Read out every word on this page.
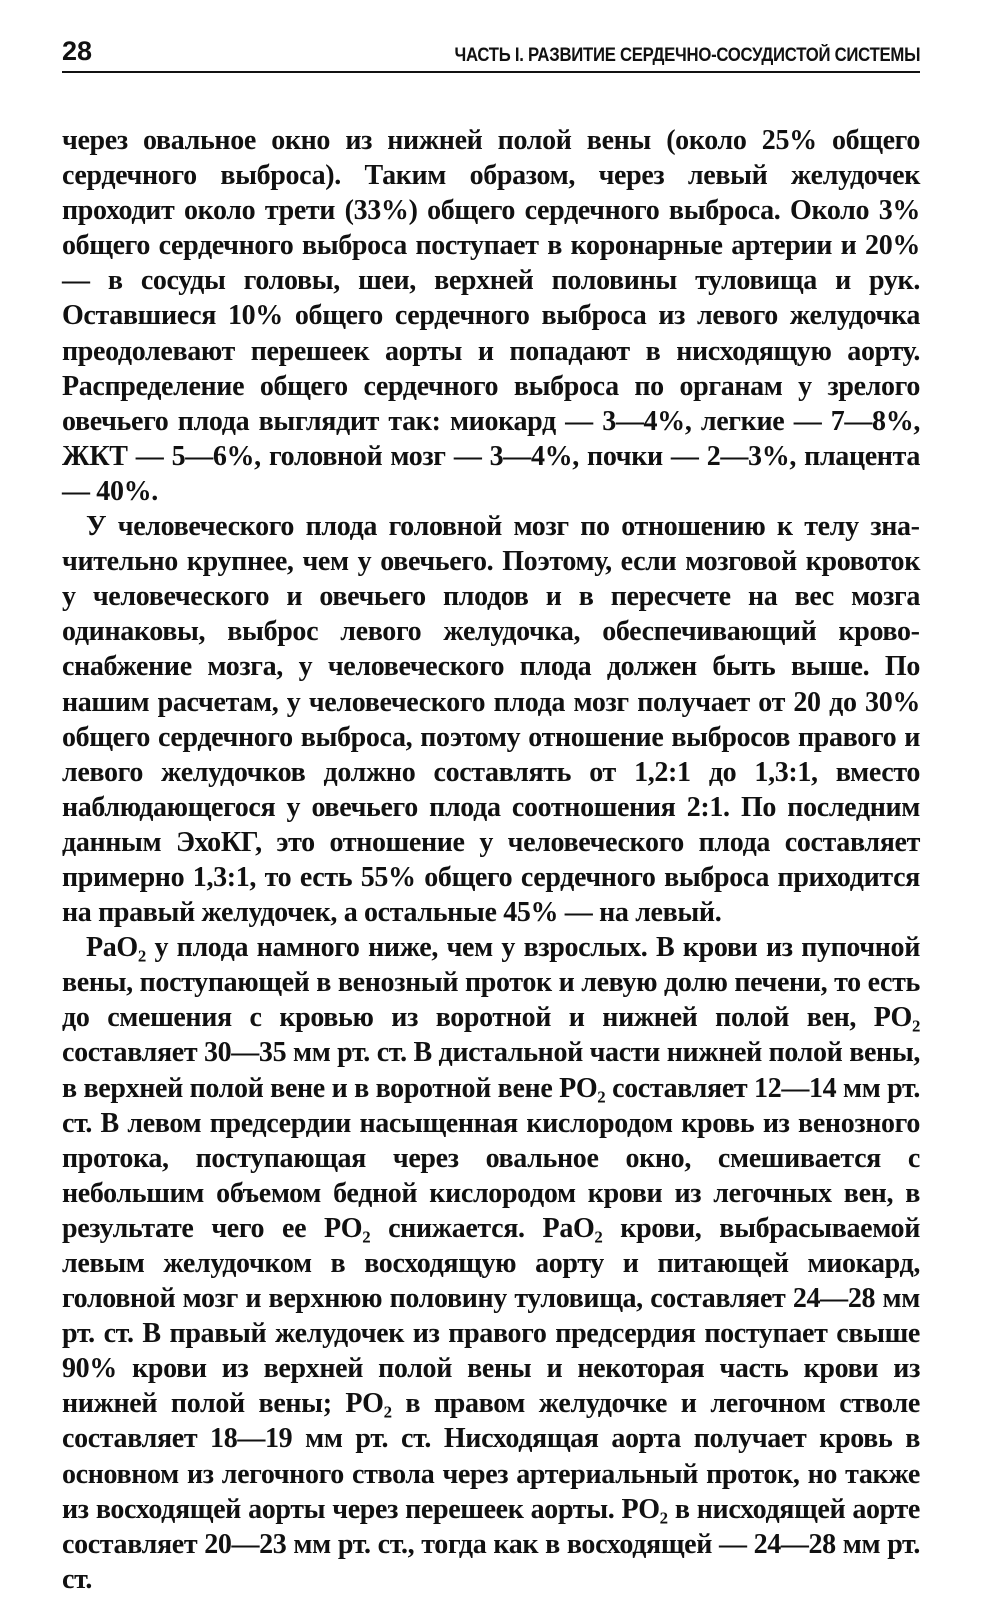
28	ЧАСТЬ I. РАЗВИТИЕ СЕРДЕЧНО-СОСУДИСТОЙ СИСТЕМЫ

через овальное окно из нижней полой вены (около 25% общего сердечного выброса). Таким образом, через левый желудочек проходит около трети (33%) общего сердечного выброса. Около 3% общего сердечного выброса поступает в коронарные артерии и 20% — в сосуды головы, шеи, верхней половины туловища и рук. Оставшиеся 10% общего сердечного выброса из левого желудочка преодолевают перешеек аорты и попадают в нисходящую аорту. Распределение общего сердечного выброса по органам у зрелого овечьего плода выглядит так: миокард — 3—4%, легкие — 7—8%, ЖКТ — 5—6%, головной мозг — 3—4%, почки — 2—3%, плацента — 40%.

У человеческого плода головной мозг по отношению к телу значительно крупнее, чем у овечьего. Поэтому, если мозговой кровоток у человеческого и овечьего плодов и в пересчете на вес мозга одинаковы, выброс левого желудочка, обеспечивающий кровоснабжение мозга, у человеческого плода должен быть выше. По нашим расчетам, у человеческого плода мозг получает от 20 до 30% общего сердечного выброса, поэтому отношение выбросов правого и левого желудочков должно составлять от 1,2:1 до 1,3:1, вместо наблюдающегося у овечьего плода соотношения 2:1. По последним данным ЭхоКГ, это отношение у человеческого плода составляет примерно 1,3:1, то есть 55% общего сердечного выброса приходится на правый желудочек, а остальные 45% — на левый.

PaO₂ у плода намного ниже, чем у взрослых. В крови из пупочной вены, поступающей в венозный проток и левую долю печени, то есть до смешения с кровью из воротной и нижней полой вен, PO₂ составляет 30—35 мм рт. ст. В дистальной части нижней полой вены, в верхней полой вене и в воротной вене PO₂ составляет 12—14 мм рт. ст. В левом предсердии насыщенная кислородом кровь из венозного протока, поступающая через овальное окно, смешивается с небольшим объемом бедной кислородом крови из легочных вен, в результате чего ее PO₂ снижается. PaO₂ крови, выбрасываемой левым желудочком в восходящую аорту и питающей миокард, головной мозг и верхнюю половину туловища, составляет 24—28 мм рт. ст. В правый желудочек из правого предсердия поступает свыше 90% крови из верхней полой вены и некоторая часть крови из нижней полой вены; PO₂ в правом желудочке и легочном стволе составляет 18—19 мм рт. ст. Нисходящая аорта получает кровь в основном из легочного ствола через артериальный проток, но также из восходящей аорты через перешеек аорты. PO₂ в нисходящей аорте составляет 20—23 мм рт. ст., тогда как в восходящей — 24—28 мм рт. ст.
